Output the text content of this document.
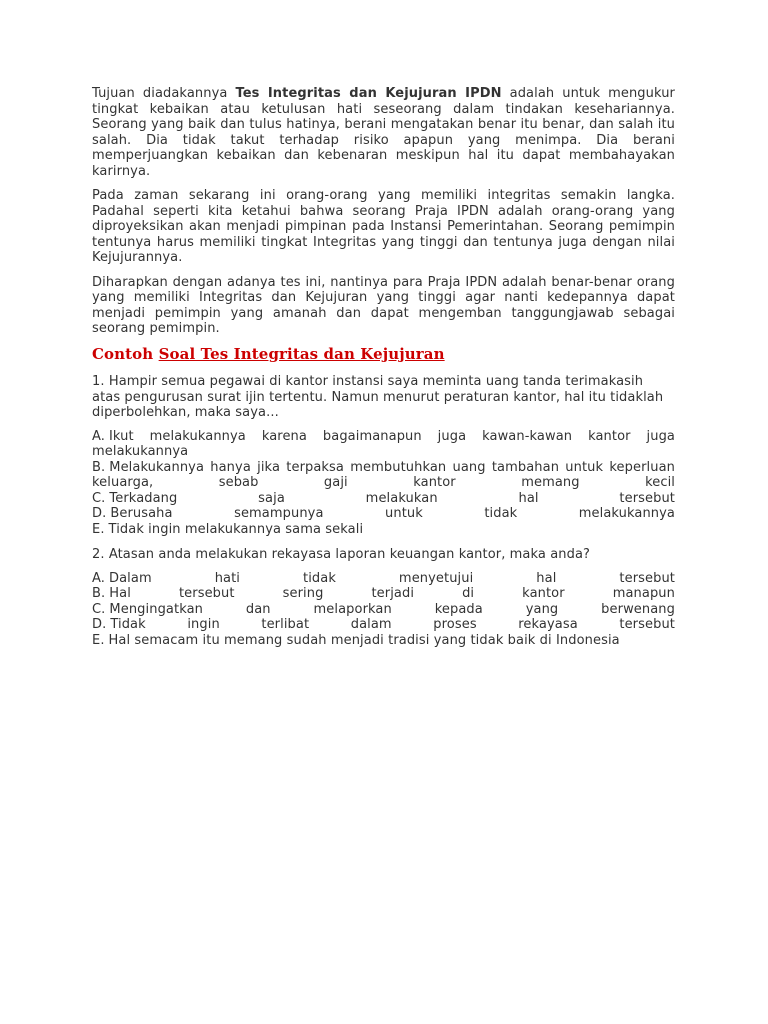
Tujuan diadakannya Tes Integritas dan Kejujuran IPDN adalah untuk mengukur tingkat kebaikan atau ketulusan hati seseorang dalam tindakan kesehariannya. Seorang yang baik dan tulus hatinya, berani mengatakan benar itu benar, dan salah itu salah. Dia tidak takut terhadap risiko apapun yang menimpa. Dia berani memperjuangkan kebaikan dan kebenaran meskipun hal itu dapat membahayakan karirnya.

Pada zaman sekarang ini orang-orang yang memiliki integritas semakin langka. Padahal seperti kita ketahui bahwa seorang Praja IPDN adalah orang-orang yang diproyeksikan akan menjadi pimpinan pada Instansi Pemerintahan. Seorang pemimpin tentunya harus memiliki tingkat Integritas yang tinggi dan tentunya juga dengan nilai Kejujurannya.

Diharapkan dengan adanya tes ini, nantinya para Praja IPDN adalah benar-benar orang yang memiliki Integritas dan Kejujuran yang tinggi agar nanti kedepannya dapat menjadi pemimpin yang amanah dan dapat mengemban tanggungjawab sebagai seorang pemimpin.

Contoh Soal Tes Integritas dan Kejujuran

1. Hampir semua pegawai di kantor instansi saya meminta uang tanda terimakasih atas pengurusan surat ijin tertentu. Namun menurut peraturan kantor, hal itu tidaklah diperbolehkan, maka saya...

A. Ikut melakukannya karena bagaimanapun juga kawan-kawan kantor juga melakukannya
B. Melakukannya hanya jika terpaksa membutuhkan uang tambahan untuk keperluan keluarga, sebab gaji kantor memang kecil
C. Terkadang saja melakukan hal tersebut
D. Berusaha semampunya untuk tidak melakukannya
E. Tidak ingin melakukannya sama sekali

2. Atasan anda melakukan rekayasa laporan keuangan kantor, maka anda?

A. Dalam hati tidak menyetujui hal tersebut
B. Hal tersebut sering terjadi di kantor manapun
C. Mengingatkan dan melaporkan kepada yang berwenang
D. Tidak ingin terlibat dalam proses rekayasa tersebut
E. Hal semacam itu memang sudah menjadi tradisi yang tidak baik di Indonesia
